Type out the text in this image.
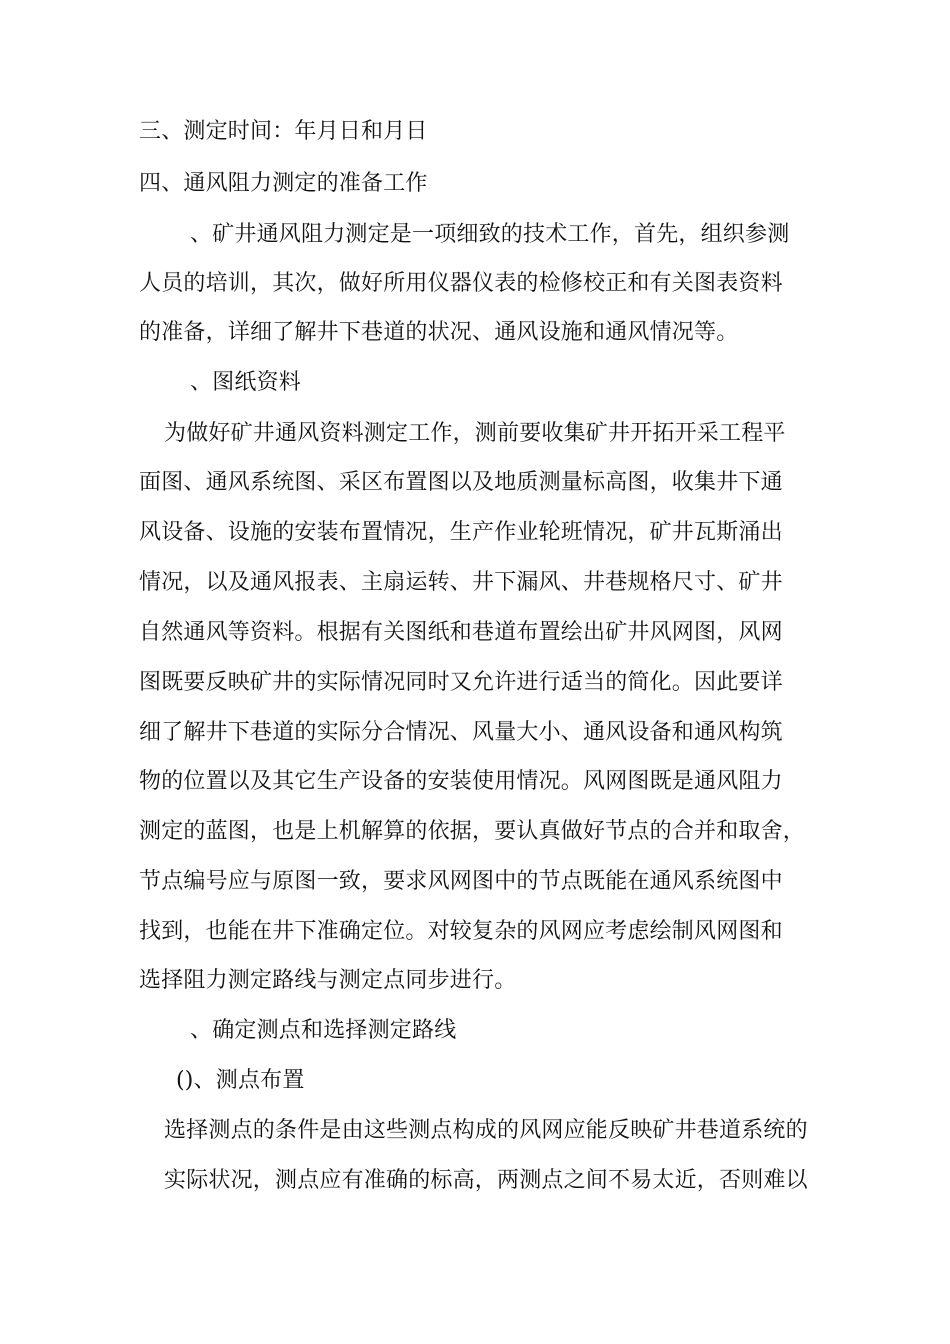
三、测定时间：年月日和月日
四、通风阻力测定的准备工作
、矿井通风阻力测定是一项细致的技术工作，首先，组织参测
人员的培训，其次，做好所用仪器仪表的检修校正和有关图表资料
的准备，详细了解井下巷道的状况、通风设施和通风情况等。
、图纸资料
为做好矿井通风资料测定工作，测前要收集矿井开拓开采工程平
面图、通风系统图、采区布置图以及地质测量标高图，收集井下通
风设备、设施的安装布置情况，生产作业轮班情况，矿井瓦斯涌出
情况，以及通风报表、主扇运转、井下漏风、井巷规格尺寸、矿井
自然通风等资料。根据有关图纸和巷道布置绘出矿井风网图，风网
图既要反映矿井的实际情况同时又允许进行适当的简化。因此要详
细了解井下巷道的实际分合情况、风量大小、通风设备和通风构筑
物的位置以及其它生产设备的安装使用情况。风网图既是通风阻力
测定的蓝图，也是上机解算的依据，要认真做好节点的合并和取舍，
节点编号应与原图一致，要求风网图中的节点既能在通风系统图中
找到，也能在井下准确定位。对较复杂的风网应考虑绘制风网图和
选择阻力测定路线与测定点同步进行。
、确定测点和选择测定路线
()、测点布置
选择测点的条件是由这些测点构成的风网应能反映矿井巷道系统的
实际状况，测点应有准确的标高，两测点之间不易太近，否则难以
